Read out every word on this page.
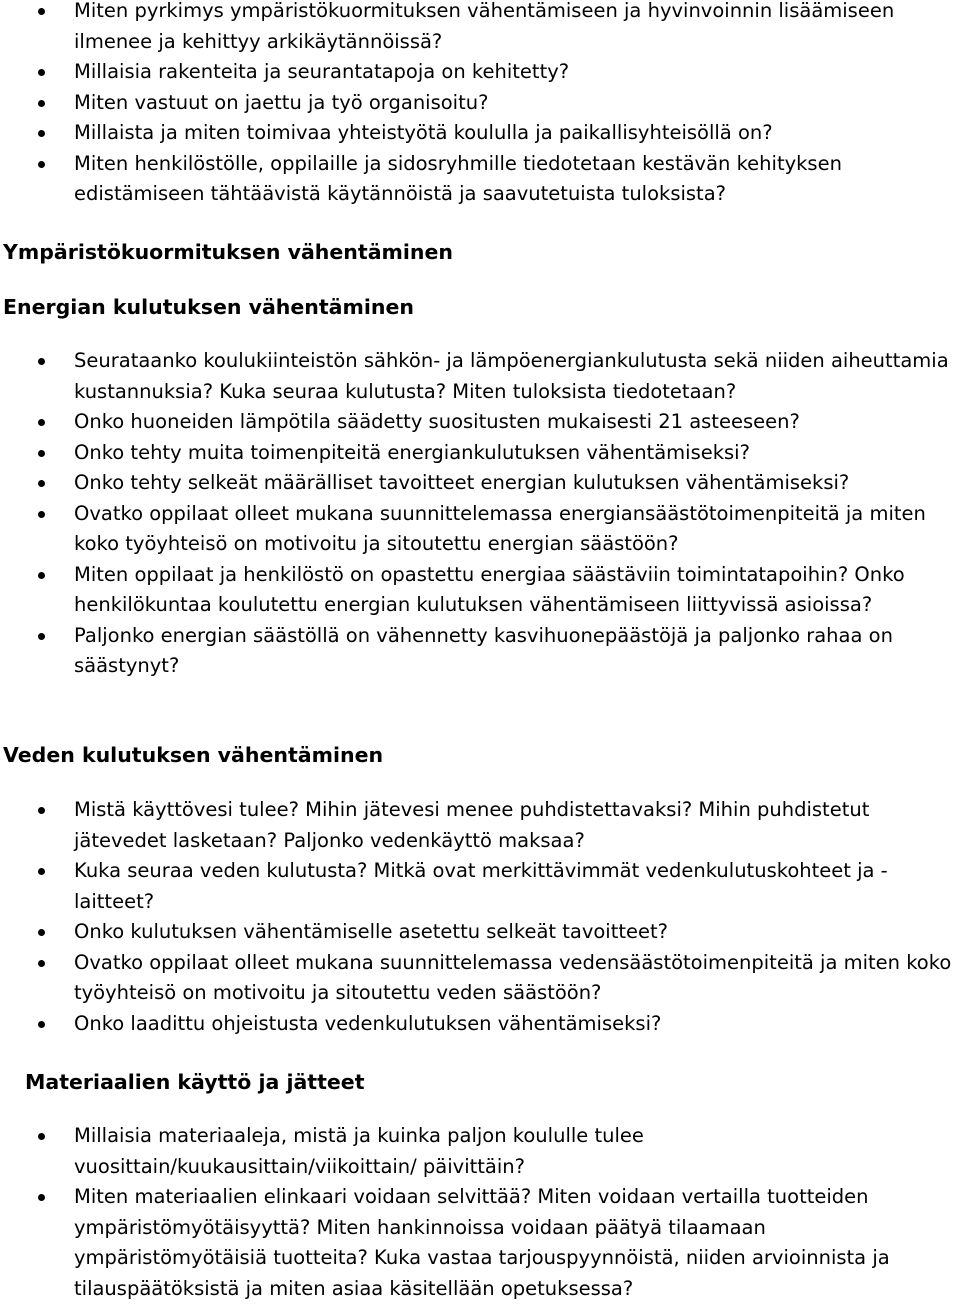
Miten pyrkimys ympäristökuormituksen vähentämiseen ja hyvinvoinnin lisäämiseen ilmenee ja kehittyy arkikäytännöissä?
Millaisia rakenteita ja seurantatapoja on kehitetty?
Miten vastuut on jaettu ja työ organisoitu?
Millaista ja miten toimivaa yhteistyötä koululla ja paikallisyhteisöllä on?
Miten henkilöstölle, oppilaille ja sidosryhmille tiedotetaan kestävän kehityksen edistämiseen tähtäävistä käytännöistä ja saavutetuista tuloksista?
Ympäristökuormituksen vähentäminen
Energian kulutuksen vähentäminen
Seurataanko koulukiinteistön sähkön- ja lämpöenergiankulutusta sekä niiden aiheuttamia kustannuksia? Kuka seuraa kulutusta? Miten tuloksista tiedotetaan?
Onko huoneiden lämpötila säädetty suositusten mukaisesti 21 asteeseen?
Onko tehty muita toimenpiteitä energiankulutuksen vähentämiseksi?
Onko tehty selkeät määrälliset tavoitteet energian kulutuksen vähentämiseksi?
Ovatko oppilaat olleet mukana suunnittelemassa energiansäästötoimenpiteitä ja miten koko työyhteisö on motivoitu ja sitoutettu energian säästöön?
Miten oppilaat ja henkilöstö on opastettu energiaa säästäviin toimintatapoihin? Onko henkilökuntaa koulutettu energian kulutuksen vähentämiseen liittyvissä asioissa?
Paljonko energian säästöllä on vähennetty kasvihuonepäästöjä ja paljonko rahaa on säästynyt?
Veden kulutuksen vähentäminen
Mistä käyttövesi tulee? Mihin jätevesi menee puhdistettavaksi? Mihin puhdistetut jätevedet lasketaan? Paljonko vedenkäyttö maksaa?
Kuka seuraa veden kulutusta? Mitkä ovat merkittävimmät vedenkulutuskohteet ja -laitteet?
Onko kulutuksen vähentämiselle asetettu selkeät tavoitteet?
Ovatko oppilaat olleet mukana suunnittelemassa vedensäästötoimenpiteitä ja miten koko työyhteisö on motivoitu ja sitoutettu veden säästöön?
Onko laadittu ohjeistusta vedenkulutuksen vähentämiseksi?
Materiaalien käyttö ja jätteet
Millaisia materiaaleja, mistä ja kuinka paljon koululle tulee vuosittain/kuukausittain/viikoittain/ päivittäin?
Miten materiaalien elinkaari voidaan selvittää? Miten voidaan vertailla tuotteiden ympäristömyötäisyyttä? Miten hankinnoissa voidaan päätyä tilaamaan ympäristömyötäisiä tuotteita? Kuka vastaa tarjouspyynnöistä, niiden arvioinnista ja tilauspäätöksistä ja miten asiaa käsitellään opetuksessa?
